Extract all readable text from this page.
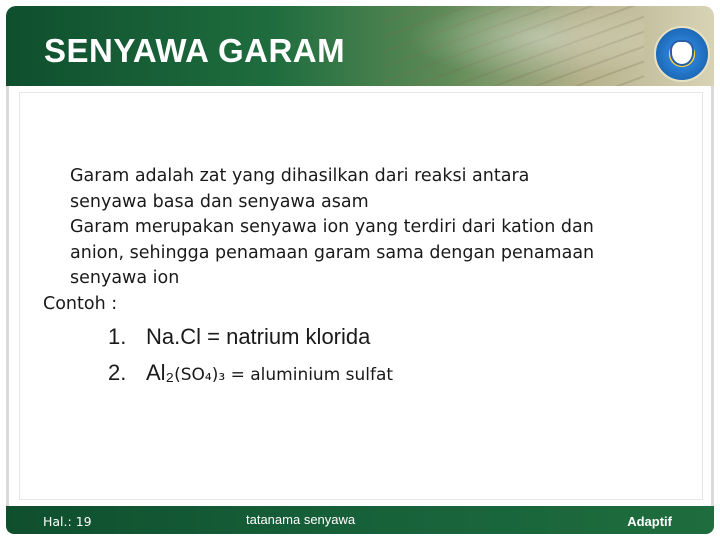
SENYAWA GARAM
Garam adalah zat yang dihasilkan dari reaksi antara
senyawa basa dan senyawa asam
Garam merupakan senyawa ion yang terdiri dari kation dan
anion, sehingga penamaan garam sama dengan penamaan
senyawa ion
Contoh :
1. Na.Cl = natrium klorida
2. Al₂(SO₄)₃ = aluminium sulfat
Hal.: 19	tatanama senyawa	Adaptif
